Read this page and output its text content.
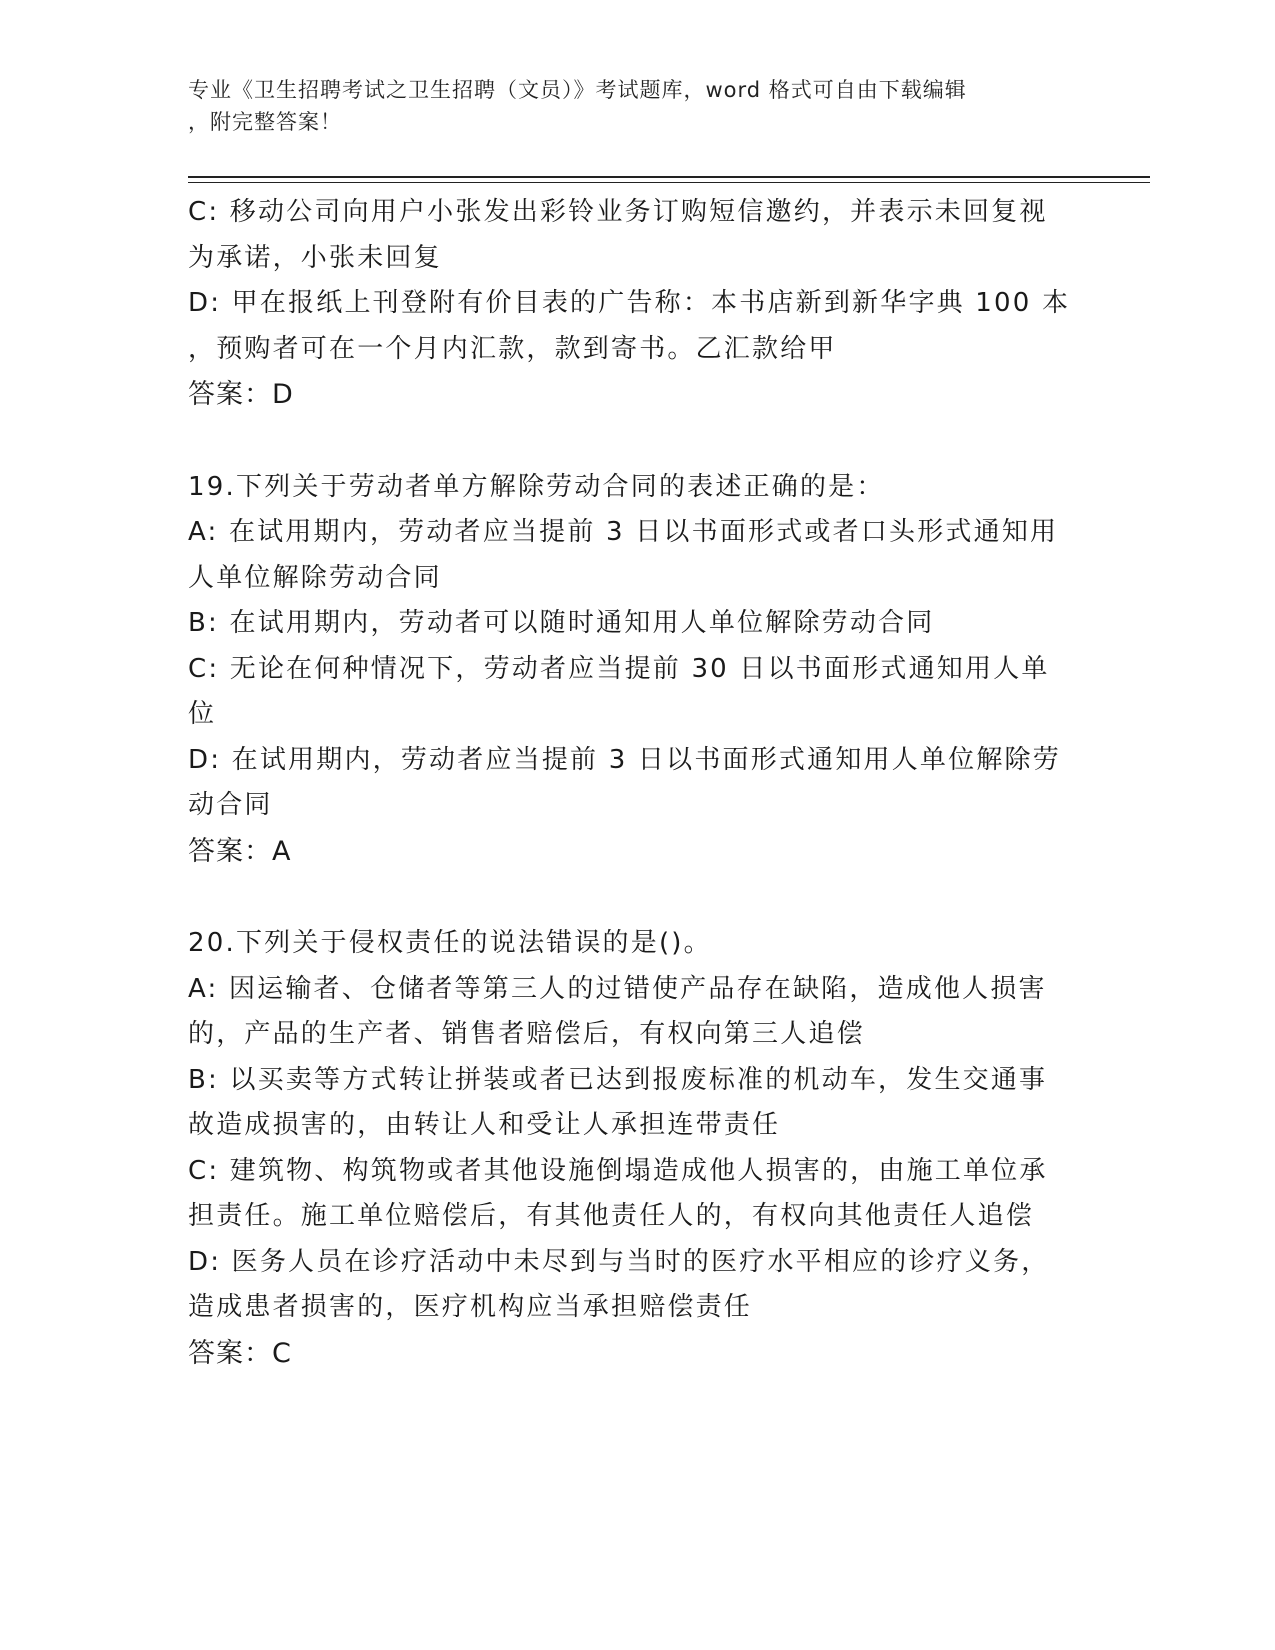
专业《卫生招聘考试之卫生招聘（文员）》考试题库，word 格式可自由下载编辑
，附完整答案！
C: 移动公司向用户小张发出彩铃业务订购短信邀约，并表示未回复视
为承诺，小张未回复
D: 甲在报纸上刊登附有价目表的广告称：本书店新到新华字典 100 本
，预购者可在一个月内汇款，款到寄书。乙汇款给甲
答案：D
19.下列关于劳动者单方解除劳动合同的表述正确的是：
A: 在试用期内，劳动者应当提前 3 日以书面形式或者口头形式通知用
人单位解除劳动合同
B: 在试用期内，劳动者可以随时通知用人单位解除劳动合同
C: 无论在何种情况下，劳动者应当提前 30 日以书面形式通知用人单
位
D: 在试用期内，劳动者应当提前 3 日以书面形式通知用人单位解除劳
动合同
答案：A
20.下列关于侵权责任的说法错误的是()。
A: 因运输者、仓储者等第三人的过错使产品存在缺陷，造成他人损害
的，产品的生产者、销售者赔偿后，有权向第三人追偿
B: 以买卖等方式转让拼装或者已达到报废标准的机动车，发生交通事
故造成损害的，由转让人和受让人承担连带责任
C: 建筑物、构筑物或者其他设施倒塌造成他人损害的，由施工单位承
担责任。施工单位赔偿后，有其他责任人的，有权向其他责任人追偿
D: 医务人员在诊疗活动中未尽到与当时的医疗水平相应的诊疗义务，
造成患者损害的，医疗机构应当承担赔偿责任
答案：C
